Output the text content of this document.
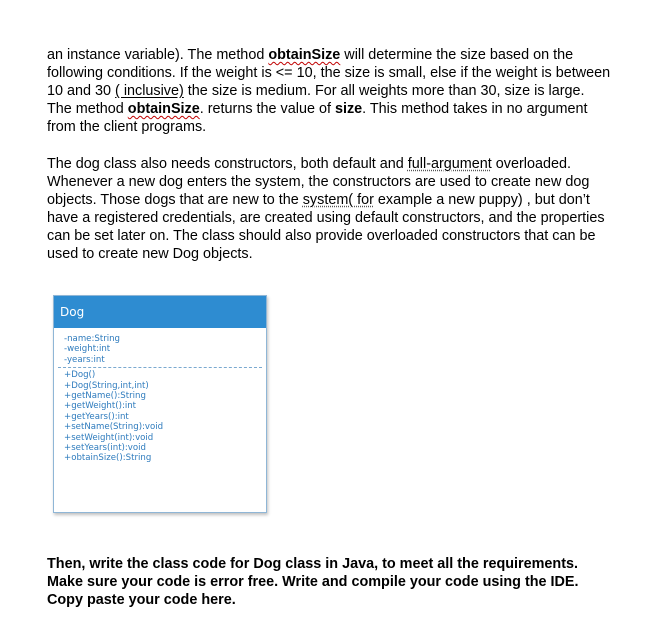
an instance variable). The method obtainSize will determine the size based on the
following conditions. If the weight is <= 10, the size is small, else if the weight is between
10 and 30 ( inclusive) the size is medium. For all weights more than 30, size is large.
The method obtainSize. returns the value of size. This method takes in no argument
from the client programs.
The dog class also needs constructors, both default and full-argument overloaded.
Whenever a new dog enters the system, the constructors are used to create new dog
objects. Those dogs that are new to the system( for example a new puppy) , but don’t
have a registered credentials, are created using default constructors, and the properties
can be set later on. The class should also provide overloaded constructors that can be
used to create new Dog objects.
Dog
-name:String
-weight:int
-years:int
+Dog()
+Dog(String,int,int)
+getName():String
+getWeight():int
+getYears():int
+setName(String):void
+setWeight(int):void
+setYears(int):void
+obtainSize():String
Then, write the class code for Dog class in Java, to meet all the requirements.
Make sure your code is error free. Write and compile your code using the IDE.
Copy paste your code here.
